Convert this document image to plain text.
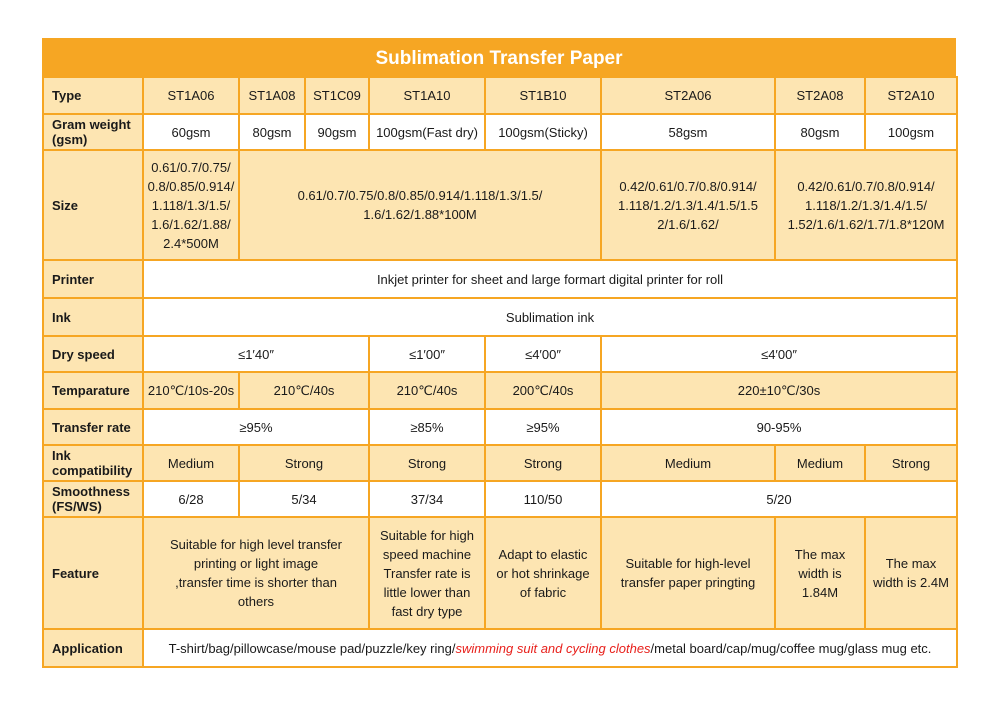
Sublimation Transfer Paper
Type	ST1A06	ST1A08	ST1C09	ST1A10	ST1B10	ST2A06	ST2A08	ST2A10
Gram weight (gsm)	60gsm	80gsm	90gsm	100gsm(Fast dry)	100gsm(Sticky)	58gsm	80gsm	100gsm
Size	0.61/0.7/0.75/ 0.8/0.85/0.914/ 1.118/1.3/1.5/ 1.6/1.62/1.88/ 2.4*500M	0.61/0.7/0.75/0.8/0.85/0.914/1.118/1.3/1.5/ 1.6/1.62/1.88*100M				0.42/0.61/0.7/0.8/0.914/ 1.118/1.2/1.3/1.4/1.5/1.5 2/1.6/1.62/	0.42/0.61/0.7/0.8/0.914/ 1.118/1.2/1.3/1.4/1.5/ 1.52/1.6/1.62/1.7/1.8*120M	
Printer	Inkjet printer for sheet and large formart digital printer for roll							
Ink	Sublimation ink							
Dry speed	≤1′40″			≤1′00″	≤4′00″	≤4′00″		
Temparature	210℃/10s-20s	210℃/40s		210℃/40s	200℃/40s	220±10℃/30s		
Transfer rate	≥95%			≥85%	≥95%	90-95%		
Ink compatibility	Medium	Strong		Strong	Strong	Medium	Medium	Strong
Smoothness (FS/WS)	6/28	5/34		37/34	110/50	5/20		
Feature	Suitable for high level transfer printing or light image ,transfer time is shorter than others			Suitable for high speed machine Transfer rate is little lower than fast dry type	Adapt to elastic or hot shrinkage of fabric	Suitable for high-level transfer paper pringting	The max width is 1.84M	The max width is 2.4M
Application	T-shirt/bag/pillowcase/mouse pad/puzzle/key ring/swimming suit and cycling clothes/metal board/cap/mug/coffee mug/glass mug etc.							
